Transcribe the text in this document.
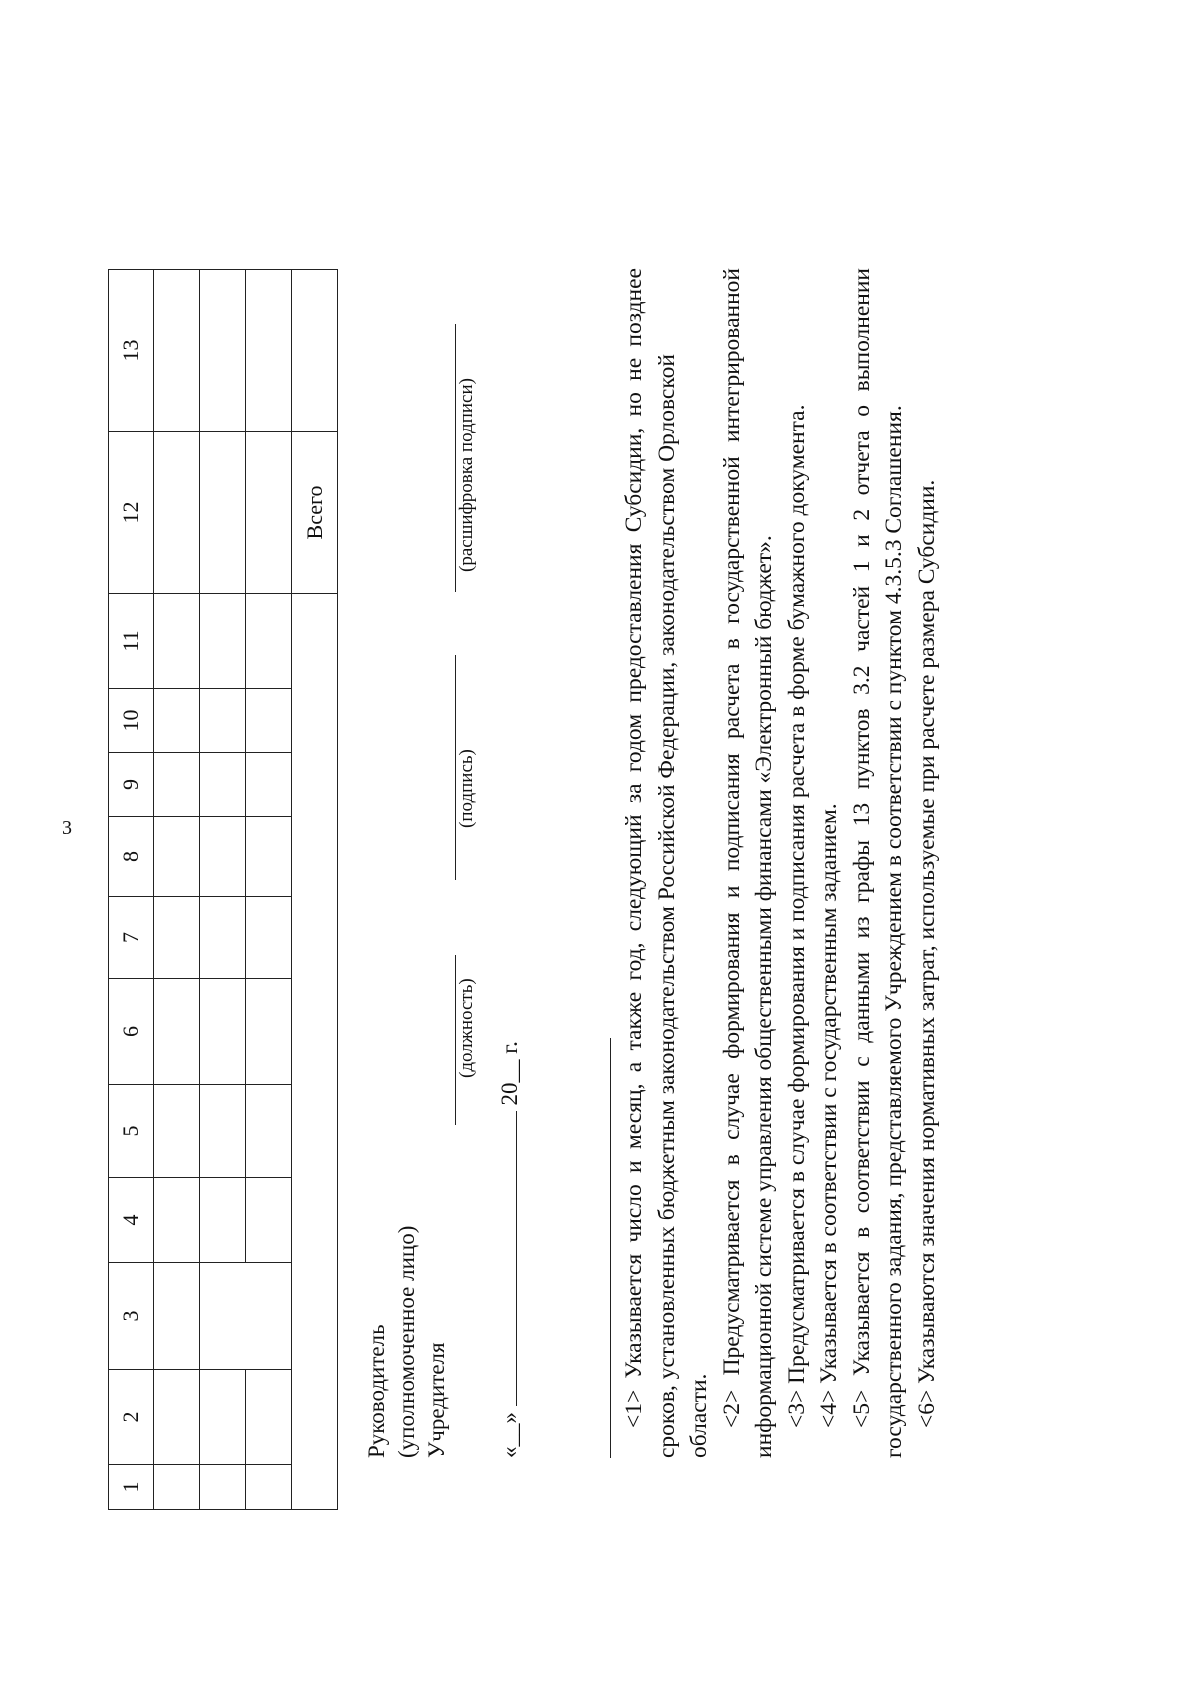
3
1	2	3	4	5	6	7	8	9	10	11	12	13

											Всего	
Руководитель (уполномоченное лицо) Учредителя
(должность)
(подпись)
(расшифровка подписи)
«__»  20__ г.	<1> Указывается число и месяц, а также год, следующий за годом предоставления Субсидии, но не позднее сроков, установленных бюджетным законодательством Российской Федерации, законодательством Орловской области. <2> Предусматривается в случае формирования и подписания расчета в государственной интегрированной информационной системе управления общественными финансами «Электронный бюджет». <3> Предусматривается в случае формирования и подписания расчета в форме бумажного документа. <4> Указывается в соответствии с государственным заданием. <5> Указывается в соответствии с данными из графы 13 пунктов 3.2 частей 1 и 2 отчета о выполнении государственного задания, представляемого Учреждением в соответствии с пунктом 4.3.5.3 Соглашения. <6> Указываются значения нормативных затрат, используемые при расчете размера Субсидии.
